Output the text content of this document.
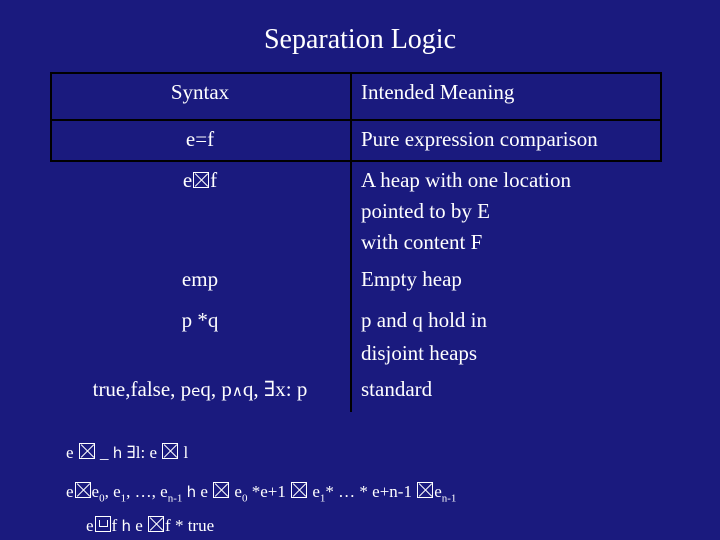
Separation Logic
Syntax	Intended Meaning
e=f	Pure expression comparison
e f	A heap with one location
pointed to by E
with content F
emp	Empty heap
p *q	p and q hold in
disjoint heaps
true,false, peq, p∧q, ∃x: p	standard
e  _ h ∃l: e  l
e $e_0$, $e_1$, …, $e_{n-1}$ h e  $e_0$ *e+1  $e_1*$ … * e+n-1 $e_{n-1}$
e f h e f * true
